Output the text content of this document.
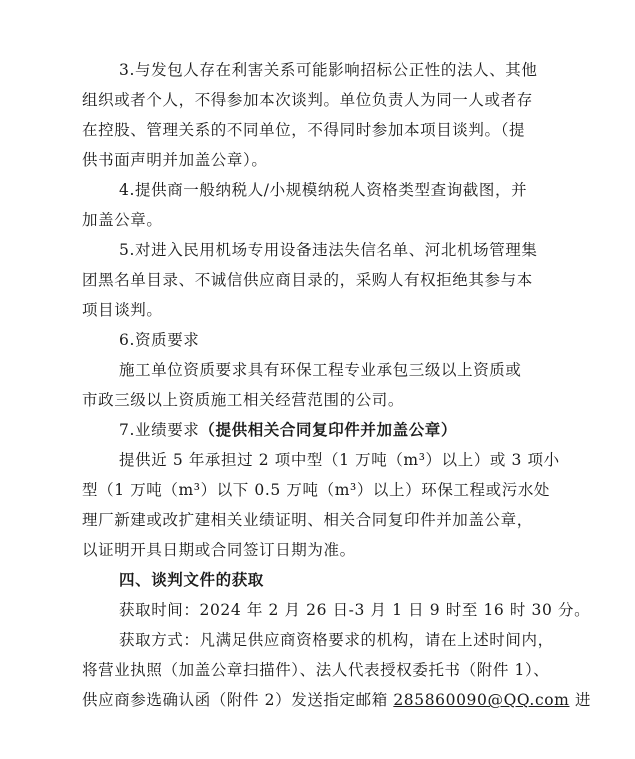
3.与发包人存在利害关系可能影响招标公正性的法人、其他
组织或者个人，不得参加本次谈判。单位负责人为同一人或者存
在控股、管理关系的不同单位，不得同时参加本项目谈判。（提
供书面声明并加盖公章）。
4.提供商一般纳税人/小规模纳税人资格类型查询截图，并
加盖公章。
5.对进入民用机场专用设备违法失信名单、河北机场管理集
团黑名单目录、不诚信供应商目录的，采购人有权拒绝其参与本
项目谈判。
6.资质要求
施工单位资质要求具有环保工程专业承包三级以上资质或
市政三级以上资质施工相关经营范围的公司。
7.业绩要求（提供相关合同复印件并加盖公章）
提供近 5 年承担过 2 项中型（1 万吨（m³）以上）或 3 项小
型（1 万吨（m³）以下 0.5 万吨（m³）以上）环保工程或污水处
理厂新建或改扩建相关业绩证明、相关合同复印件并加盖公章，
以证明开具日期或合同签订日期为准。
四、谈判文件的获取
获取时间：2024 年 2 月 26 日-3 月 1 日 9 时至 16 时 30 分。
获取方式：凡满足供应商资格要求的机构，请在上述时间内，
将营业执照（加盖公章扫描件）、法人代表授权委托书（附件 1）、
供应商参选确认函（附件 2）发送指定邮箱 285860090@QQ.com 进
